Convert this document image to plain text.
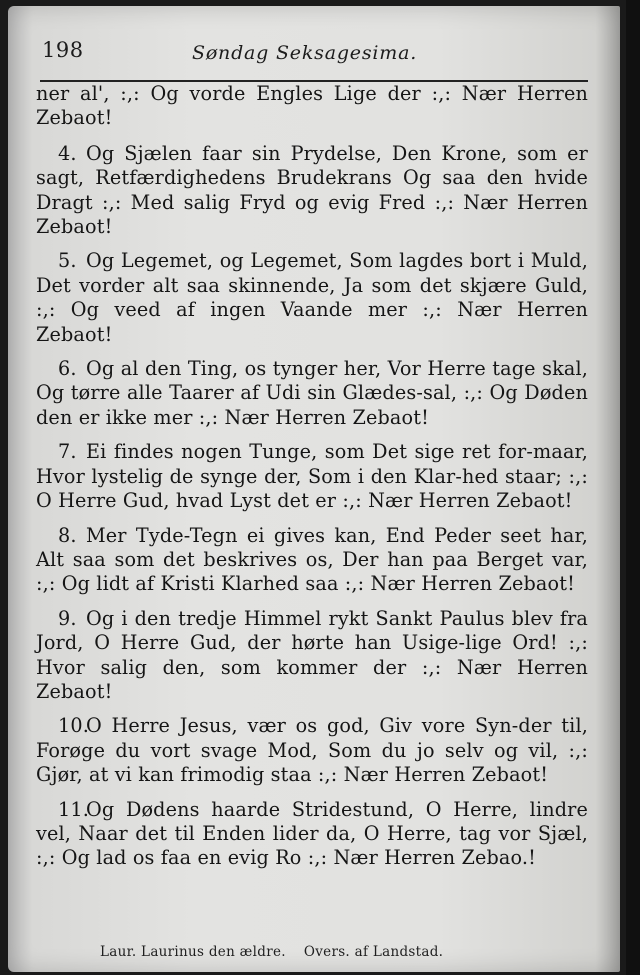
198	Søndag Seksagesima.

ner al', :,: Og vorde Engles Lige der :,: Nær Herren Zebaot!

4. Og Sjælen faar sin Prydelse, Den Krone, som er sagt, Retfærdighedens Brudekrans Og saa den hvide Dragt :,: Med salig Fryd og evig Fred :,: Nær Herren Zebaot!

5. Og Legemet, og Legemet, Som lagdes bort i Muld, Det vorder alt saa skinnende, Ja som det skjære Guld, :,: Og veed af ingen Vaande mer :,: Nær Herren Zebaot!

6. Og al den Ting, os tynger her, Vor Herre tage skal, Og tørre alle Taarer af Udi sin Glædes-sal, :,: Og Døden den er ikke mer :,: Nær Herren Zebaot!

7. Ei findes nogen Tunge, som Det sige ret for-maar, Hvor lystelig de synge der, Som i den Klar-hed staar; :,: O Herre Gud, hvad Lyst det er :,: Nær Herren Zebaot!

8. Mer Tyde-Tegn ei gives kan, End Peder seet har, Alt saa som det beskrives os, Der han paa Berget var, :,: Og lidt af Kristi Klarhed saa :,: Nær Herren Zebaot!

9. Og i den tredje Himmel rykt Sankt Paulus blev fra Jord, O Herre Gud, der hørte han Usige-lige Ord! :,: Hvor salig den, som kommer der :,: Nær Herren Zebaot!

10.O Herre Jesus, vær os god, Giv vore Syn-der til, Forøge du vort svage Mod, Som du jo selv og vil, :,: Gjør, at vi kan frimodig staa :,: Nær Herren Zebaot!

11.Og Dødens haarde Stridestund, O Herre, lindre vel, Naar det til Enden lider da, O Herre, tag vor Sjæl, :,: Og lad os faa en evig Ro :,: Nær Herren Zebao.!

Laur. Laurinus den ældre. Overs. af Landstad.
